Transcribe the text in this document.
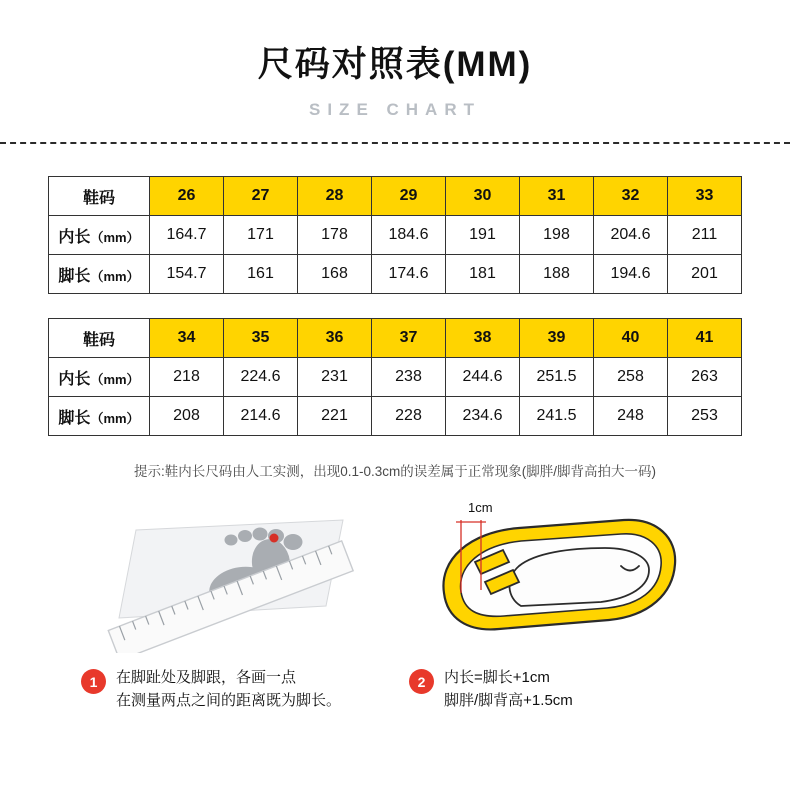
尺码对照表(MM)
SIZE CHART
鞋码	26	27	28	29	30	31	32	33
内长（mm）	164.7	171	178	184.6	191	198	204.6	211
脚长（mm）	154.7	161	168	174.6	181	188	194.6	201
鞋码	34	35	36	37	38	39	40	41
内长（mm）	218	224.6	231	238	244.6	251.5	258	263
脚长（mm）	208	214.6	221	228	234.6	241.5	248	253
提示:鞋内长尺码由人工实测，出现0.1-0.3cm的误差属于正常现象(脚胖/脚背高拍大一码)
1cm
1	在脚趾处及脚跟，各画一点
在测量两点之间的距离既为脚长。
2	内长=脚长+1cm
脚胖/脚背高+1.5cm
